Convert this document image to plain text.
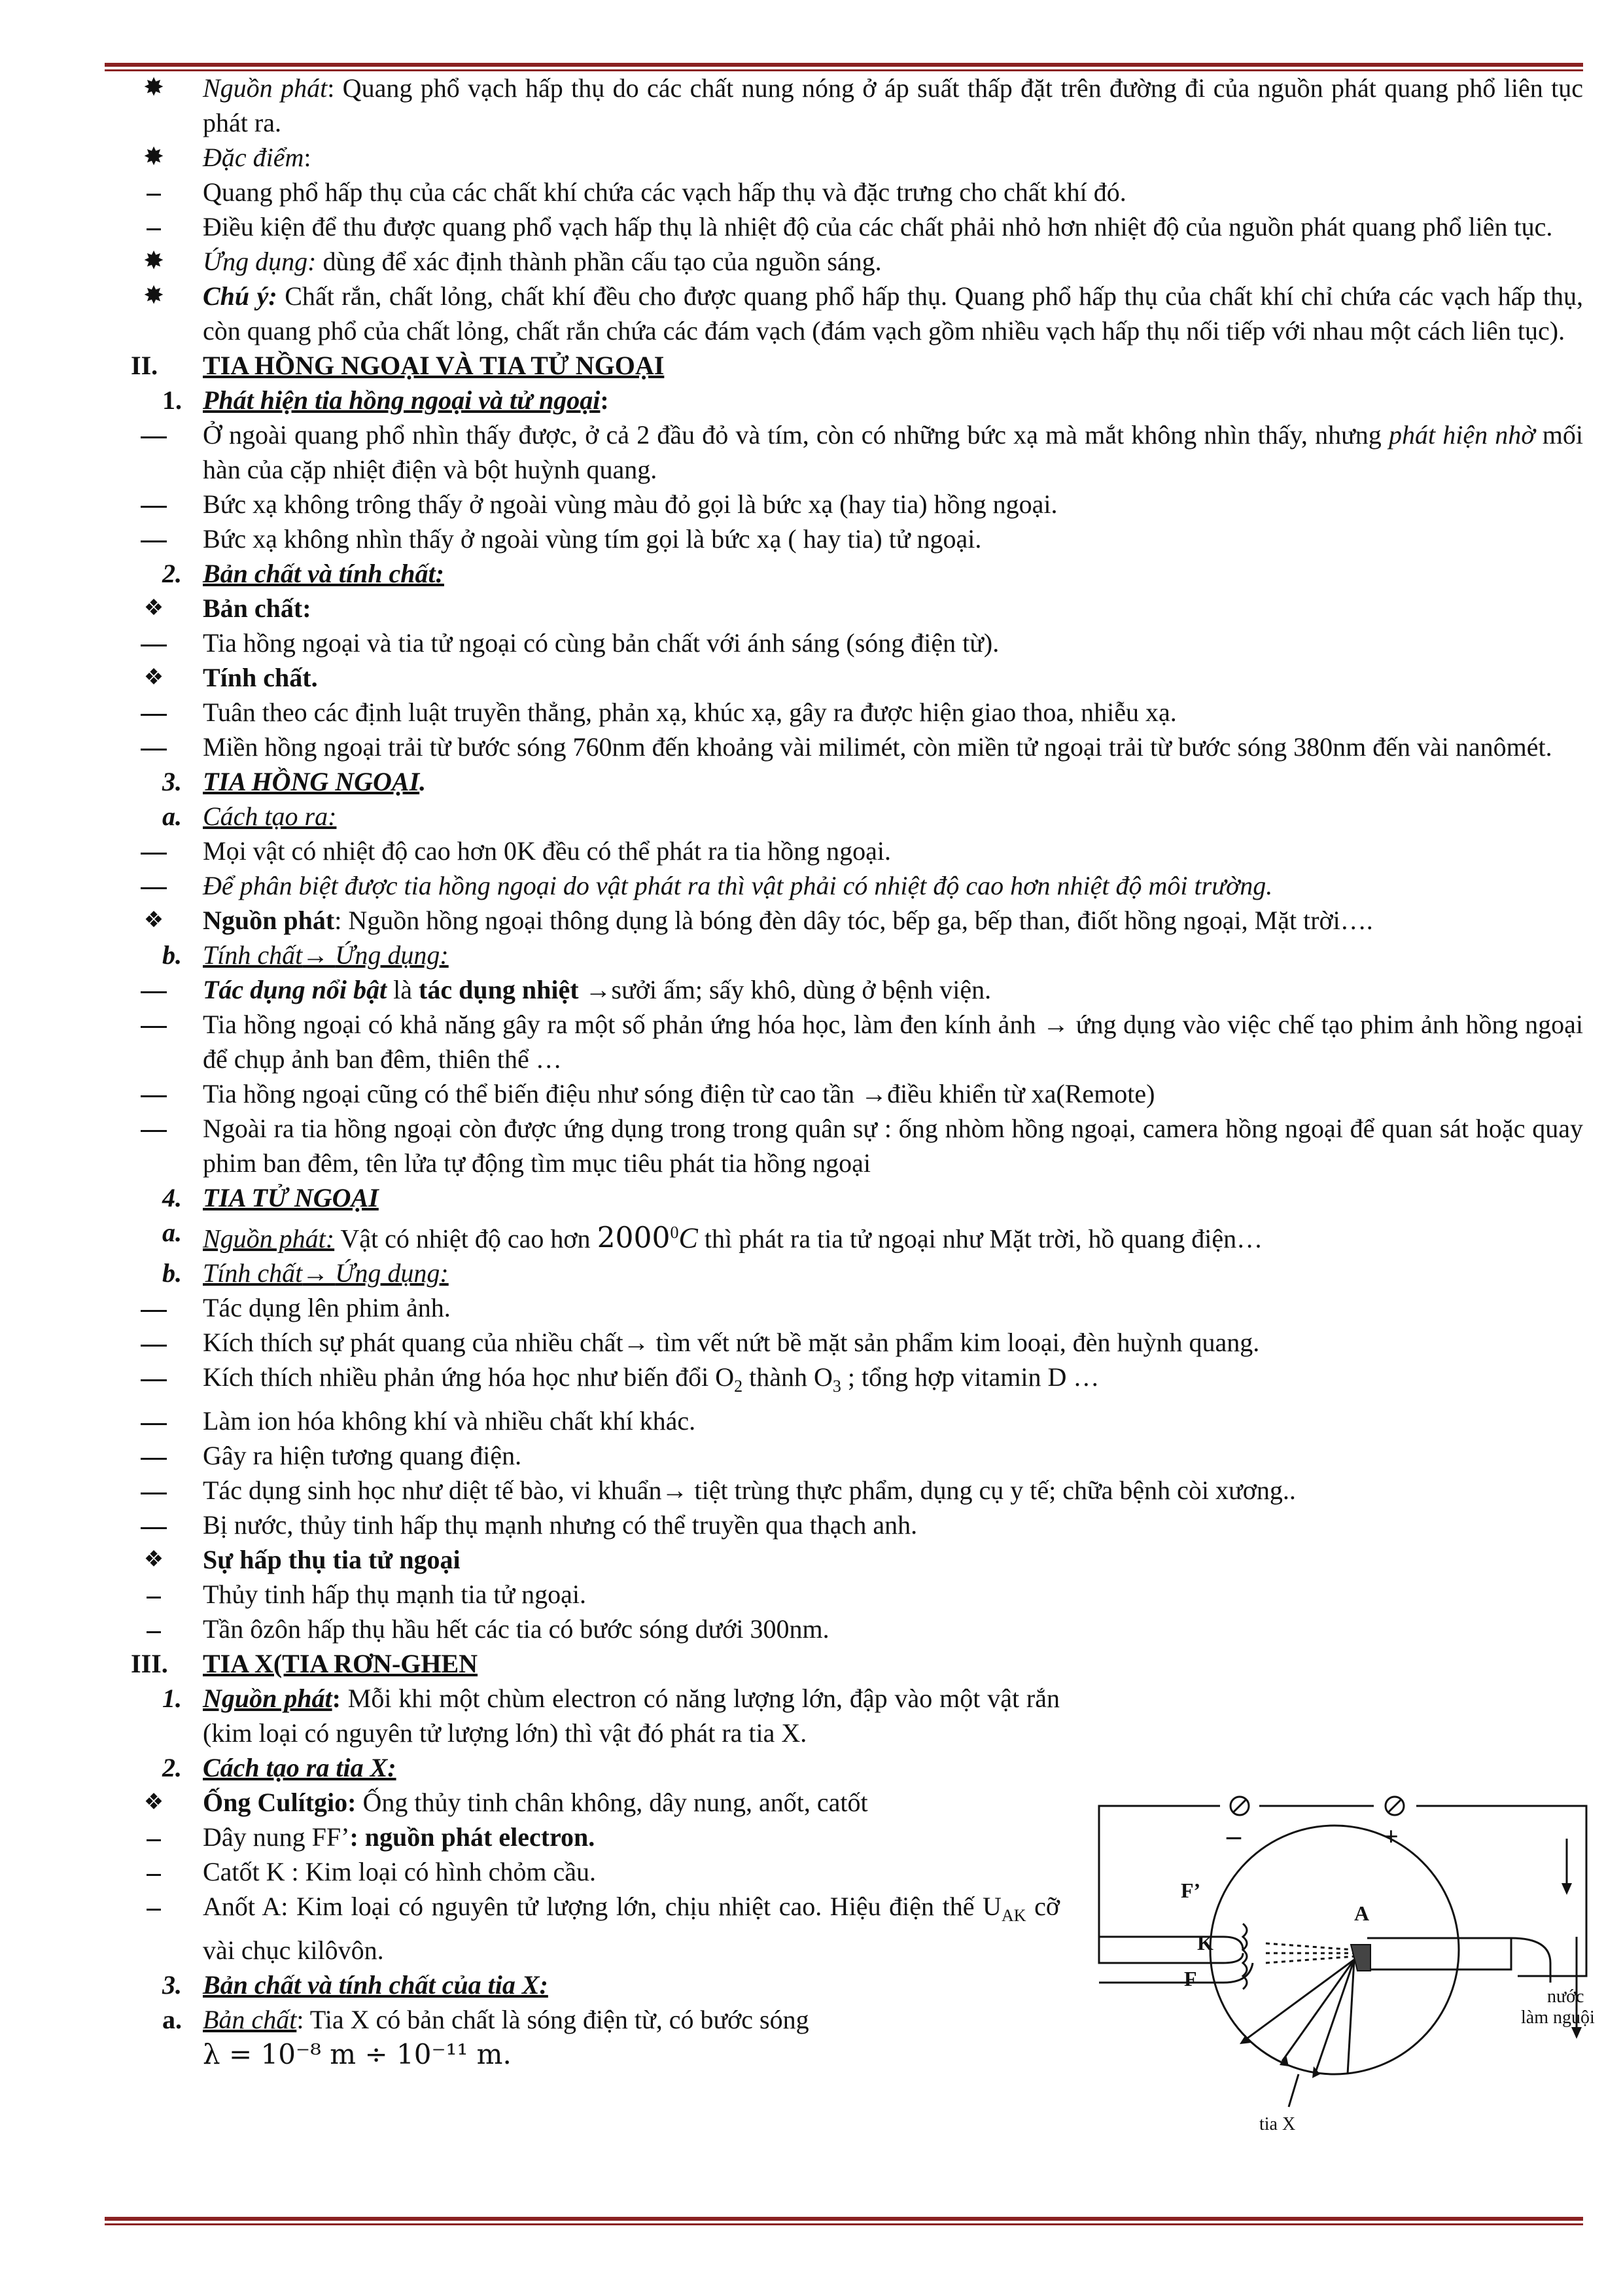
✸	Nguồn phát: Quang phổ vạch hấp thụ do các chất nung nóng ở áp suất thấp đặt trên đường đi của nguồn phát quang phổ liên tục phát ra.
✸	Đặc điểm:
Quang phổ hấp thụ của các chất khí chứa các vạch hấp thụ và đặc trưng cho chất khí đó.
Điều kiện để thu được quang phổ vạch hấp thụ là nhiệt độ của các chất phải nhỏ hơn nhiệt độ của nguồn phát quang phổ liên tục.
✸	Ứng dụng: dùng để xác định thành phần cấu tạo của nguồn sáng.
✸	Chú ý: Chất rắn, chất lỏng, chất khí đều cho được quang phổ hấp thụ. Quang phổ hấp thụ của chất khí chỉ chứa các vạch hấp thụ, còn quang phổ của chất lỏng, chất rắn chứa các đám vạch (đám vạch gồm nhiều vạch hấp thụ nối tiếp với nhau một cách liên tục).
II.	TIA HỒNG NGOẠI VÀ TIA TỬ NGOẠI
1. Phát hiện tia hồng ngoại và tử ngoại:
Ở ngoài quang phổ nhìn thấy được, ở cả 2 đầu đỏ và tím, còn có những bức xạ mà mắt không nhìn thấy, nhưng phát hiện nhờ mối hàn của cặp nhiệt điện và bột huỳnh quang.
Bức xạ không trông thấy ở ngoài vùng màu đỏ gọi là bức xạ (hay tia) hồng ngoại.
Bức xạ không nhìn thấy ở ngoài vùng tím gọi là bức xạ ( hay tia) tử ngoại.
2. Bản chất và tính chất:
❖	Bản chất:
Tia hồng ngoại và tia tử ngoại có cùng bản chất với ánh sáng (sóng điện từ).
❖	Tính chất.
Tuân theo các định luật truyền thẳng, phản xạ, khúc xạ, gây ra được hiện giao thoa, nhiễu xạ.
Miền hồng ngoại trải từ bước sóng 760nm đến khoảng vài milimét, còn miền tử ngoại trải từ bước sóng 380nm đến vài nanômét.
3. TIA HỒNG NGOẠI.
a. Cách tạo ra:
Mọi vật có nhiệt độ cao hơn 0K đều có thể phát ra tia hồng ngoại.
Để phân biệt được tia hồng ngoại do vật phát ra thì vật phải có nhiệt độ cao hơn nhiệt độ môi trường.
❖	Nguồn phát: Nguồn hồng ngoại thông dụng là bóng đèn dây tóc, bếp ga, bếp than, điốt hồng ngoại, Mặt trời….
b. Tính chất→ Ứng dụng:
Tác dụng nổi bật là tác dụng nhiệt →sưởi ấm; sấy khô, dùng ở bệnh viện.
Tia hồng ngoại có khả năng gây ra một số phản ứng hóa học, làm đen kính ảnh → ứng dụng vào việc chế tạo phim ảnh hồng ngoại để chụp ảnh ban đêm, thiên thể …
Tia hồng ngoại cũng có thể biến điệu như sóng điện từ cao tần →điều khiển từ xa(Remote)
Ngoài ra tia hồng ngoại còn được ứng dụng trong trong quân sự : ống nhòm hồng ngoại, camera hồng ngoại để quan sát hoặc quay phim ban đêm, tên lửa tự động tìm mục tiêu phát tia hồng ngoại
4. TIA TỬ NGOẠI
a. Nguồn phát: Vật có nhiệt độ cao hơn 2000$^0$C thì phát ra tia tử ngoại như Mặt trời, hồ quang điện…
b. Tính chất→ Ứng dụng:
Tác dụng lên phim ảnh.
Kích thích sự phát quang của nhiều chất→ tìm vết nứt bề mặt sản phẩm kim looại, đèn huỳnh quang.
Kích thích nhiều phản ứng hóa học như biến đổi $O_2$ thành $O_3$ ; tổng hợp vitamin D …
Làm ion hóa không khí và nhiều chất khí khác.
Gây ra hiện tương quang điện.
Tác dụng sinh học như diệt tế bào, vi khuẩn→ tiệt trùng thực phẩm, dụng cụ y tế; chữa bệnh còi xương..
Bị nước, thủy tinh hấp thụ mạnh nhưng có thể truyền qua thạch anh.
❖	Sự hấp thụ tia tử ngoại
Thủy tinh hấp thụ mạnh tia tử ngoại.
Tần ôzôn hấp thụ hầu hết các tia có bước sóng dưới 300nm.
III.	TIA X(TIA RƠN-GHEN
1. Nguồn phát: Mỗi khi một chùm electron có năng lượng lớn, đập vào một vật rắn (kim loại có nguyên tử lượng lớn) thì vật đó phát ra tia X.
2. Cách tạo ra tia X:
❖	Ống Culítgio: Ống thủy tinh chân không, dây nung, anốt, catốt
Dây nung FF’: nguồn phát electron.
Catốt K : Kim loại có hình chỏm cầu.
Anốt A: Kim loại có nguyên tử lượng lớn, chịu nhiệt cao. Hiệu điện thế $U_{AK}$ cỡ vài chục kilôvôn.
3. Bản chất và tính chất của tia X:
a. Bản chất: Tia X có bản chất là sóng điện từ, có bước sóng
λ = 10⁻⁸ m ÷ 10⁻¹¹ m.
–	+
F’
K
F
A
tia X
nước
làm nguội
